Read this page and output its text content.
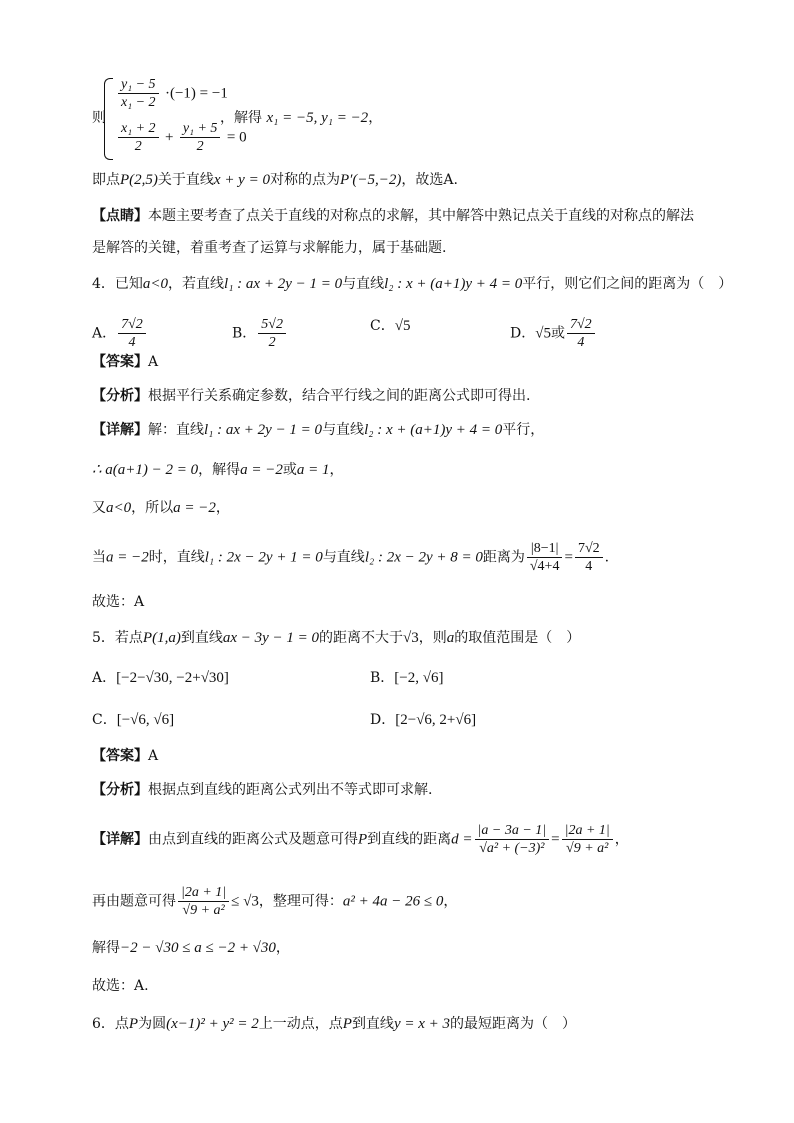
则
$\frac{\text{y₁ − 5}}{\text{x₁ − 2}} \cdot(-1) = -1$
$\frac{\text{x₁ + 2}}{2} + \frac{\text{y₁ + 5}}{2} = 0$
，解得 x₁ = −5, y₁ = −2，
即点P(2,5)关于直线x + y = 0对称的点为P′(−5,−2)，故选A.
【点睛】本题主要考查了点关于直线的对称点的求解，其中解答中熟记点关于直线的对称点的解法
是解答的关键，着重考查了运算与求解能力，属于基础题.
4．已知a<0，若直线l₁ : ax + 2y − 1 = 0与直线l₂ : x + (a+1)y + 4 = 0平行，则它们之间的距离为（　）
A． $\frac{7√2}{4}$	B． $\frac{5√2}{2}$	C．√5	D．√5或 $\frac{7√2}{4}$
【答案】A
【分析】根据平行关系确定参数，结合平行线之间的距离公式即可得出.
【详解】解：直线l₁ : ax + 2y − 1 = 0与直线l₂ : x + (a+1)y + 4 = 0平行，
∴ a(a+1) − 2 = 0，解得a = −2或a = 1，
又a<0，所以a = −2，
当a = −2时，直线l₁ : 2x − 2y + 1 = 0与直线l₂ : 2x − 2y + 8 = 0距离为 $\frac{|8-1|}{√4+4} = \frac{7√2}{4}$ .
故选：A
5．若点P(1,a)到直线ax − 3y − 1 = 0的距离不大于√3，则a的取值范围是（　）
A．[−2−√30, −2+√30]	B．[−2, √6]
C．[−√6, √6]	D．[2−√6, 2+√6]
【答案】A
【分析】根据点到直线的距离公式列出不等式即可求解.
【详解】由点到直线的距离公式及题意可得P到直线的距离$d = \frac{|a - 3a - 1|}{\text{√a² + (−3)²}} = \frac{|2a + 1|}{\text{√9 + a²}}$ ，
再由题意可得 $\frac{|2a + 1|}{\text{√9 + a²}} \le √3$，整理可得：a² + 4a − 26 ≤ 0，
解得−2 − √30 ≤ a ≤ −2 + √30，
故选：A.
6．点P为圆(x−1)² + y² = 2上一动点，点P到直线y = x + 3的最短距离为（　）
